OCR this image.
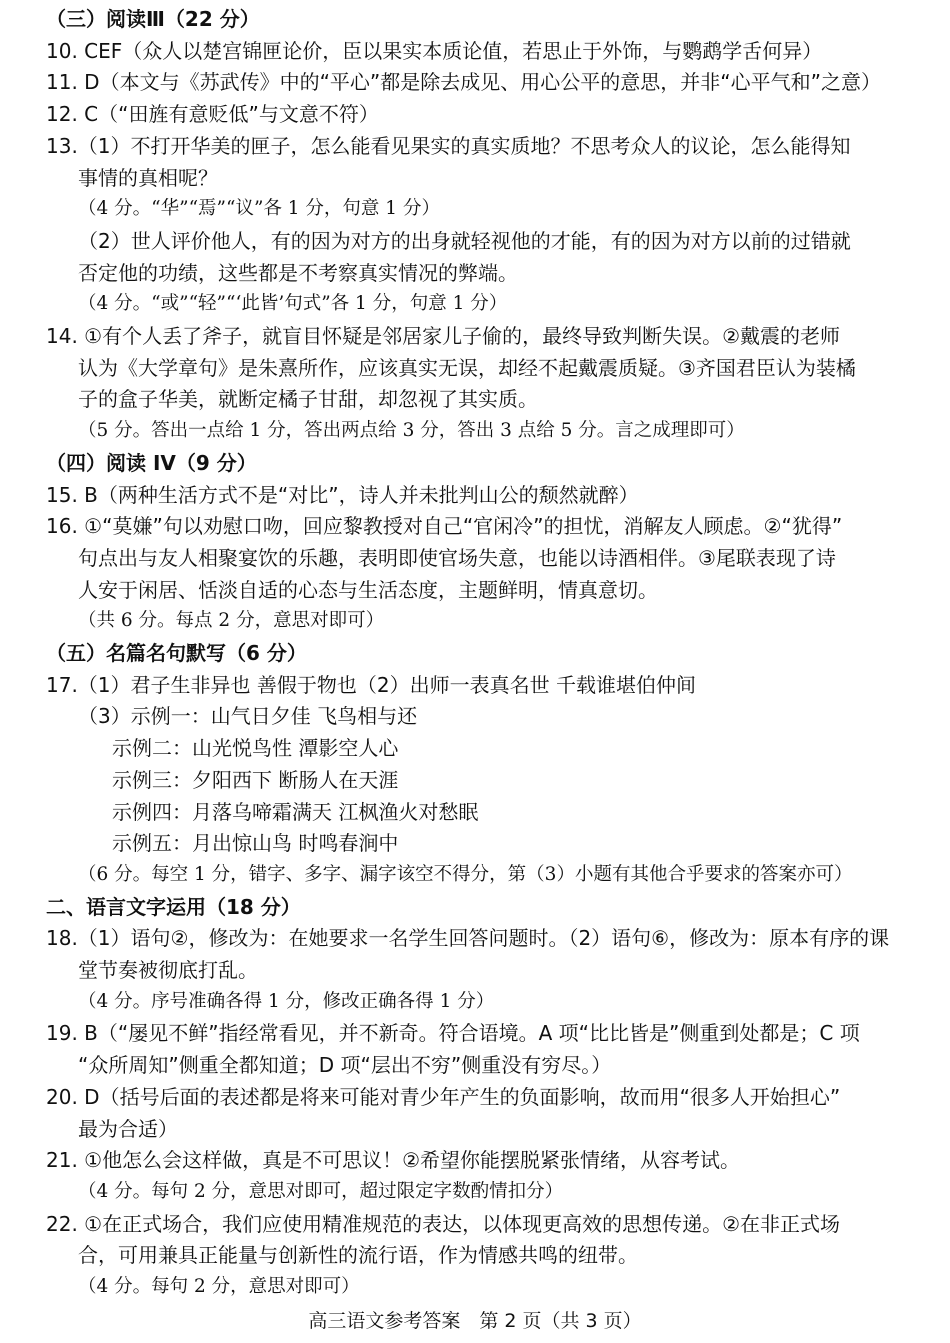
（三）阅读Ⅲ（22 分）
10. CEF（众人以楚宫锦匣论价，臣以果实本质论值，若思止于外饰，与鹦鹉学舌何异）
11. D（本文与《苏武传》中的“平心”都是除去成见、用心公平的意思，并非“心平气和”之意）
12. C（“田旌有意贬低”与文意不符）
13.（1）不打开华美的匣子，怎么能看见果实的真实质地？不思考众人的议论，怎么能得知
事情的真相呢？
（4 分。“华”“焉”“议”各 1 分，句意 1 分）
（2）世人评价他人，有的因为对方的出身就轻视他的才能，有的因为对方以前的过错就
否定他的功绩，这些都是不考察真实情况的弊端。
（4 分。“或”“轻”“‘此皆’句式”各 1 分，句意 1 分）
14. ①有个人丢了斧子，就盲目怀疑是邻居家儿子偷的，最终导致判断失误。②戴震的老师
认为《大学章句》是朱熹所作，应该真实无误，却经不起戴震质疑。③齐国君臣认为装橘
子的盒子华美，就断定橘子甘甜，却忽视了其实质。
（5 分。答出一点给 1 分，答出两点给 3 分，答出 3 点给 5 分。言之成理即可）
（四）阅读 IV（9 分）
15. B（两种生活方式不是“对比”，诗人并未批判山公的颓然就醉）
16. ①“莫嫌”句以劝慰口吻，回应黎教授对自己“官闲冷”的担忧，消解友人顾虑。②“犹得”
句点出与友人相聚宴饮的乐趣，表明即使官场失意，也能以诗酒相伴。③尾联表现了诗
人安于闲居、恬淡自适的心态与生活态度，主题鲜明，情真意切。
（共 6 分。每点 2 分，意思对即可）
（五）名篇名句默写（6 分）
17.（1）君子生非异也 善假于物也（2）出师一表真名世 千载谁堪伯仲间
（3）示例一：山气日夕佳 飞鸟相与还
示例二：山光悦鸟性 潭影空人心
示例三：夕阳西下 断肠人在天涯
示例四：月落乌啼霜满天 江枫渔火对愁眠
示例五：月出惊山鸟 时鸣春涧中
（6 分。每空 1 分，错字、多字、漏字该空不得分，第（3）小题有其他合乎要求的答案亦可）
二、语言文字运用（18 分）
18.（1）语句②，修改为：在她要求一名学生回答问题时。（2）语句⑥，修改为：原本有序的课
堂节奏被彻底打乱。
（4 分。序号准确各得 1 分，修改正确各得 1 分）
19. B（“屡见不鲜”指经常看见，并不新奇。符合语境。A 项“比比皆是”侧重到处都是；C 项
“众所周知”侧重全都知道；D 项“层出不穷”侧重没有穷尽。）
20. D（括号后面的表述都是将来可能对青少年产生的负面影响，故而用“很多人开始担心”
最为合适）
21. ①他怎么会这样做，真是不可思议！②希望你能摆脱紧张情绪，从容考试。
（4 分。每句 2 分，意思对即可，超过限定字数酌情扣分）
22. ①在正式场合，我们应使用精准规范的表达，以体现更高效的思想传递。②在非正式场
合，可用兼具正能量与创新性的流行语，作为情感共鸣的纽带。
（4 分。每句 2 分，意思对即可）
高三语文参考答案　第 2 页（共 3 页）
